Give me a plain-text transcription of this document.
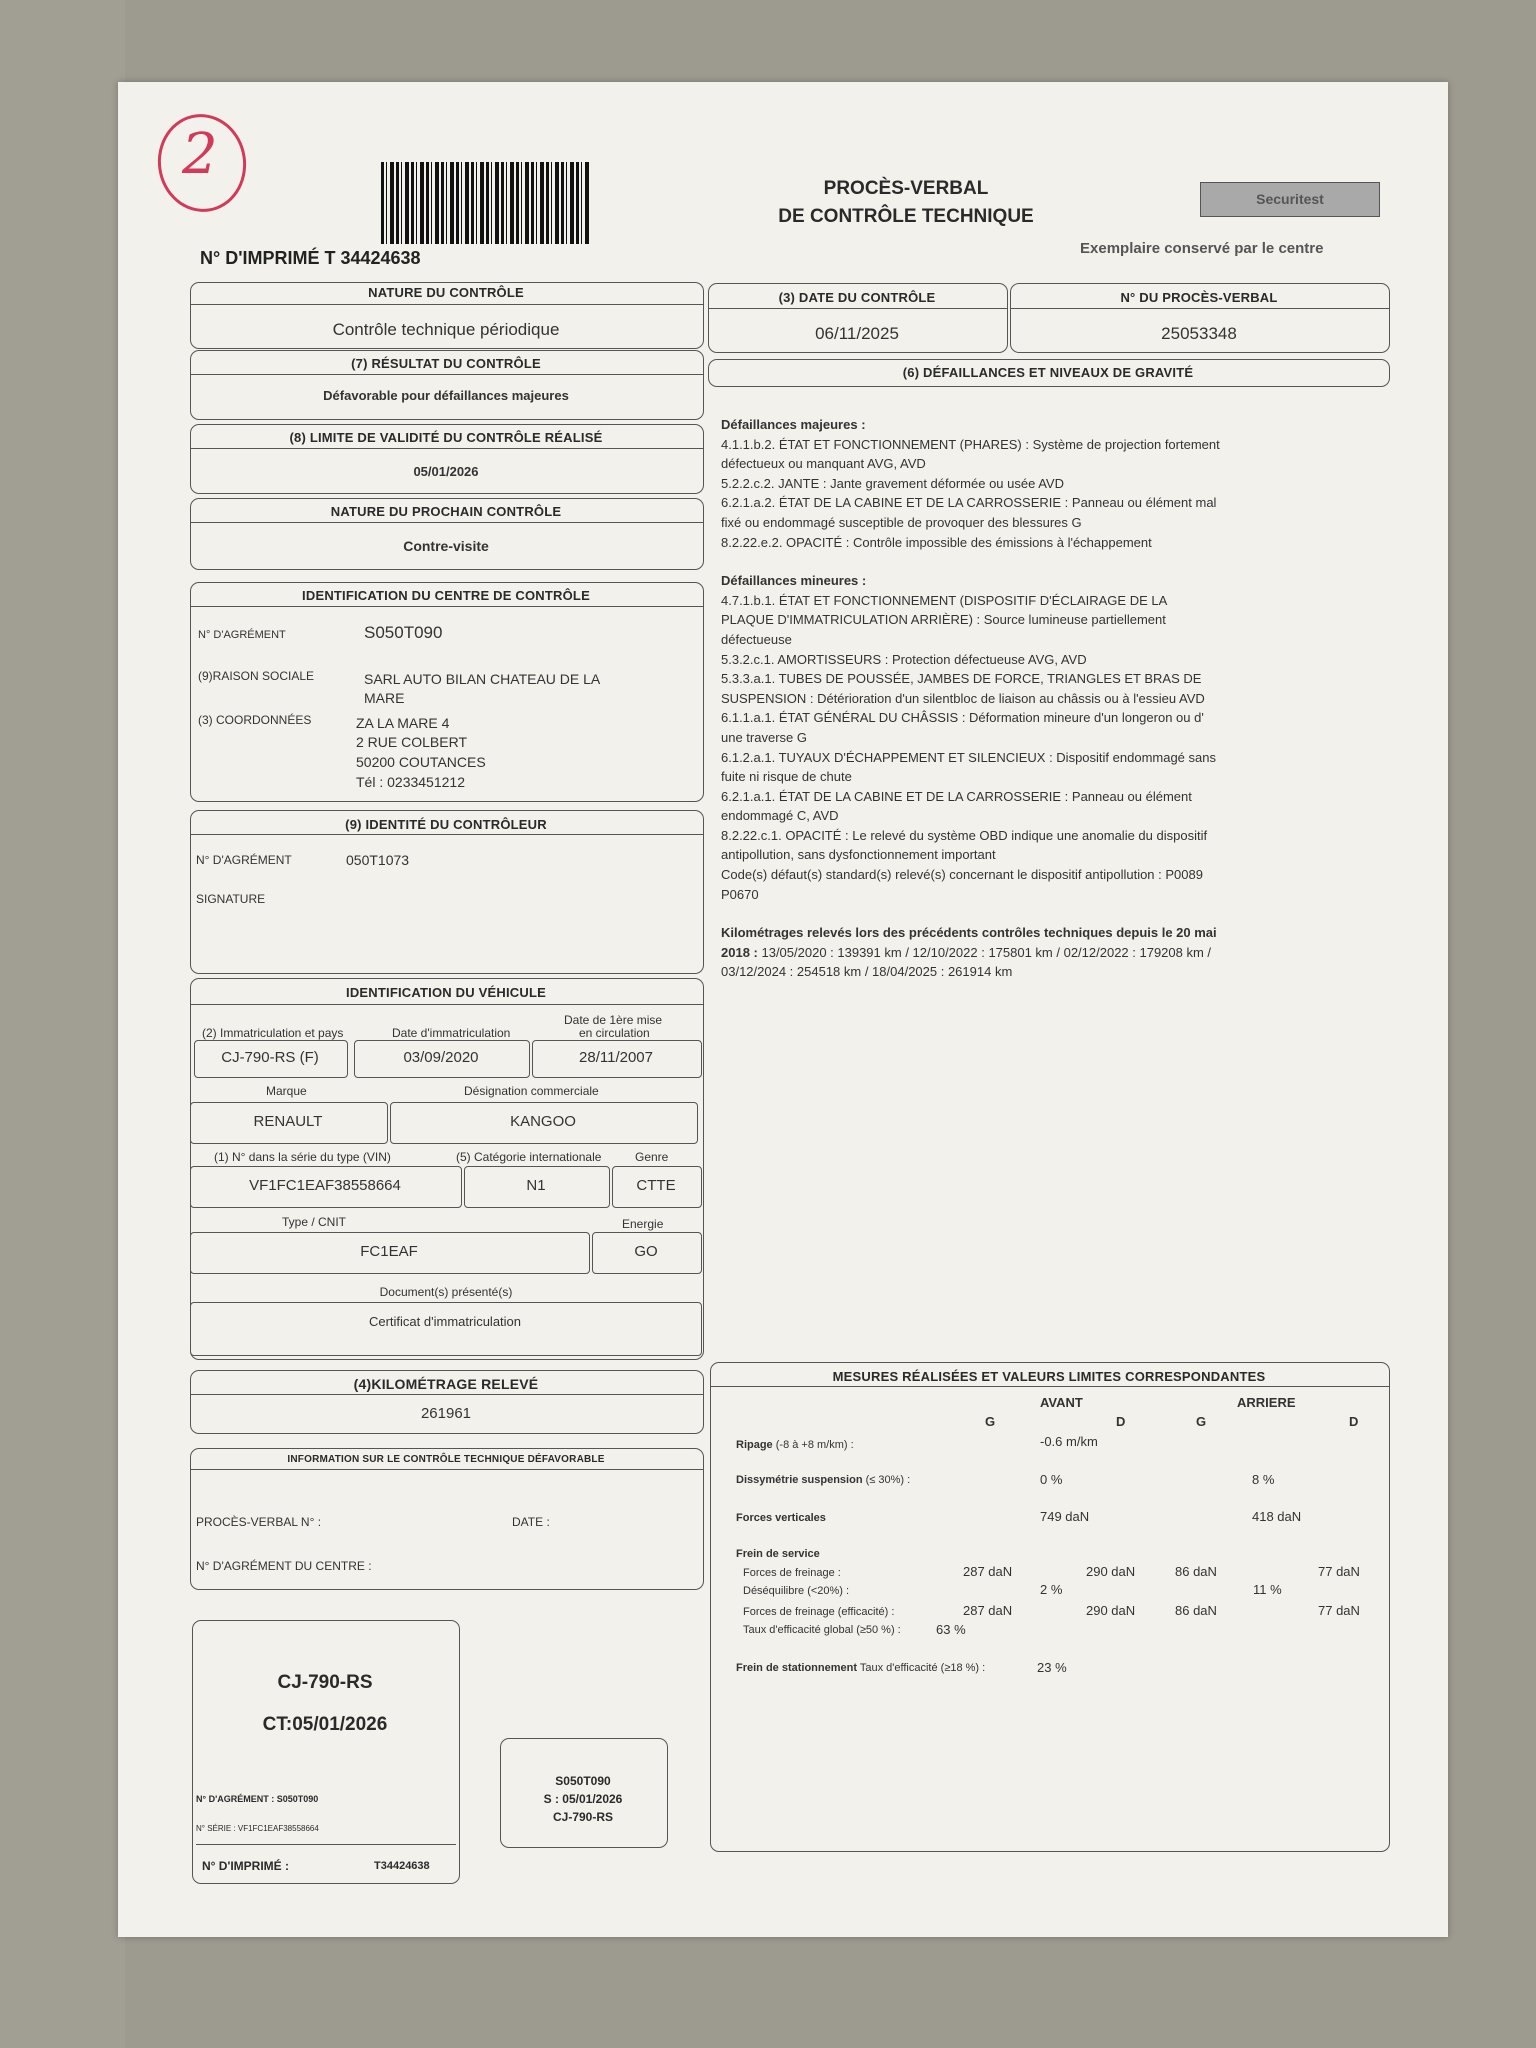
2
N° D'IMPRIMÉ T 34424638
PROCÈS-VERBAL
DE CONTRÔLE TECHNIQUE
Securitest
Exemplaire conservé par le centre
NATURE DU CONTRÔLE
Contrôle technique périodique
(3) DATE DU CONTRÔLE
06/11/2025
N° DU PROCÈS-VERBAL
25053348
(7) RÉSULTAT DU CONTRÔLE
Défavorable pour défaillances majeures
(6) DÉFAILLANCES ET NIVEAUX DE GRAVITÉ
(8) LIMITE DE VALIDITÉ DU CONTRÔLE RÉALISÉ
05/01/2026
NATURE DU PROCHAIN CONTRÔLE
Contre-visite
IDENTIFICATION DU CENTRE DE CONTRÔLE
N° D'AGRÉMENT	S050T090
(9)RAISON SOCIALE	SARL AUTO BILAN CHATEAU DE LA
MARE
(3) COORDONNÉES	ZA LA MARE 4
2 RUE COLBERT
50200 COUTANCES
Tél : 0233451212
(9) IDENTITÉ DU CONTRÔLEUR
N° D'AGRÉMENT	050T1073
SIGNATURE
IDENTIFICATION DU VÉHICULE
(2) Immatriculation et pays	Date d'immatriculation
Date de 1ère mise
en circulation
CJ-790-RS (F)	03/09/2020	28/11/2007
Marque	Désignation commerciale
RENAULT	KANGOO
(1) N° dans la série du type (VIN)	(5) Catégorie internationale	Genre
VF1FC1EAF38558664	N1	CTTE
Type / CNIT	Energie
FC1EAF	GO
Document(s) présenté(s)
Certificat d'immatriculation
(4)KILOMÉTRAGE RELEVÉ
261961
INFORMATION SUR LE CONTRÔLE TECHNIQUE DÉFAVORABLE
PROCÈS-VERBAL N° :	DATE :
N° D'AGRÉMENT DU CENTRE :
CJ-790-RS
CT:05/01/2026
N° D'AGRÉMENT : S050T090
N° SÉRIE : VF1FC1EAF38558664
N° D'IMPRIMÉ :	T34424638
S050T090
S : 05/01/2026
CJ-790-RS

Défaillances majeures :

4.1.1.b.2. ÉTAT ET FONCTIONNEMENT (PHARES) : Système de projection fortement

défectueux ou manquant AVG, AVD

5.2.2.c.2. JANTE : Jante gravement déformée ou usée AVD

6.2.1.a.2. ÉTAT DE LA CABINE ET DE LA CARROSSERIE : Panneau ou élément mal

fixé ou endommagé susceptible de provoquer des blessures G

8.2.22.e.2. OPACITÉ : Contrôle impossible des émissions à l'échappement

Défaillances mineures :

4.7.1.b.1. ÉTAT ET FONCTIONNEMENT (DISPOSITIF D'ÉCLAIRAGE DE LA

PLAQUE D'IMMATRICULATION ARRIÈRE) : Source lumineuse partiellement

défectueuse

5.3.2.c.1. AMORTISSEURS : Protection défectueuse AVG, AVD

5.3.3.a.1. TUBES DE POUSSÉE, JAMBES DE FORCE, TRIANGLES ET BRAS DE

SUSPENSION : Détérioration d'un silentbloc de liaison au châssis ou à l'essieu AVD

6.1.1.a.1. ÉTAT GÉNÉRAL DU CHÂSSIS : Déformation mineure d'un longeron ou d'

une traverse G

6.1.2.a.1. TUYAUX D'ÉCHAPPEMENT ET SILENCIEUX : Dispositif endommagé sans

fuite ni risque de chute

6.2.1.a.1. ÉTAT DE LA CABINE ET DE LA CARROSSERIE : Panneau ou élément

endommagé C, AVD

8.2.22.c.1. OPACITÉ : Le relevé du système OBD indique une anomalie du dispositif

antipollution, sans dysfonctionnement important

Code(s) défaut(s) standard(s) relevé(s) concernant le dispositif antipollution : P0089

P0670

Kilométrages relevés lors des précédents contrôles techniques depuis le 20 mai

2018 : 13/05/2020 : 139391 km / 12/10/2022 : 175801 km / 02/12/2022 : 179208 km /

03/12/2024 : 254518 km / 18/04/2025 : 261914 km

MESURES RÉALISÉES ET VALEURS LIMITES CORRESPONDANTES
AVANT	ARRIERE
G	D	G	D
Ripage (-8 à +8 m/km) :	-0.6 m/km
Dissymétrie suspension (≤ 30%) :	0 %	8 %
Forces verticales	749 daN	418 daN
Frein de service
Forces de freinage :	287 daN	290 daN	86 daN	77 daN
Déséquilibre (<20%) :	2 %	11 %
Forces de freinage (efficacité) :	287 daN	290 daN	86 daN	77 daN
Taux d'efficacité global (≥50 %) :	63 %
Frein de stationnement Taux d'efficacité (≥18 %) :	23 %
